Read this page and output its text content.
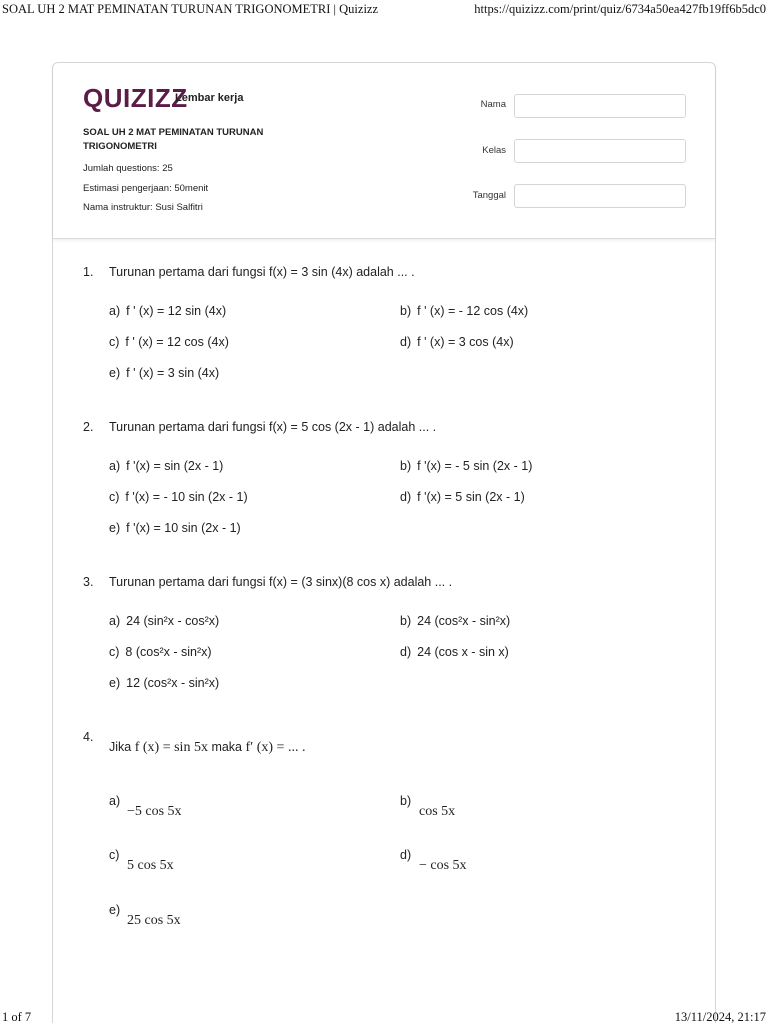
SOAL UH 2 MAT PEMINATAN TURUNAN TRIGONOMETRI | Quizizz	https://quizizz.com/print/quiz/6734a50ea427fb19ff6b5dc0
QUIZIZZ
Lembar kerja
SOAL UH 2 MAT PEMINATAN TURUNAN TRIGONOMETRI
Jumlah questions: 25
Estimasi pengerjaan: 50menit
Nama instruktur: Susi Salfitri
Nama
Kelas
Tanggal
1. Turunan pertama dari fungsi f(x) = 3 sin (4x) adalah ... .
a) f ' (x) = 12 sin (4x)	b) f ' (x) = - 12 cos (4x)
c) f ' (x) = 12 cos (4x)	d) f ' (x) = 3 cos (4x)
e) f ' (x) = 3 sin (4x)
2. Turunan pertama dari fungsi f(x) = 5 cos (2x - 1) adalah ... .
a) f '(x) = sin (2x - 1)	b) f '(x) = - 5 sin (2x - 1)
c) f '(x) = - 10 sin (2x - 1)	d) f '(x) = 5 sin (2x - 1)
e) f '(x) = 10 sin (2x - 1)
3. Turunan pertama dari fungsi f(x) = (3 sinx)(8 cos x) adalah ... .
a) 24 (sin²x - cos²x)	b) 24 (cos²x - sin²x)
c) 8 (cos²x - sin²x)	d) 24 (cos x - sin x)
e) 12 (cos²x - sin²x)
4.
Jika f (x) = sin 5x maka f′ (x) = ... .
a)
−5 cos 5x
b)
cos 5x
c)
5 cos 5x
d)
− cos 5x
e)
25 cos 5x
1 of 7	13/11/2024, 21:17
